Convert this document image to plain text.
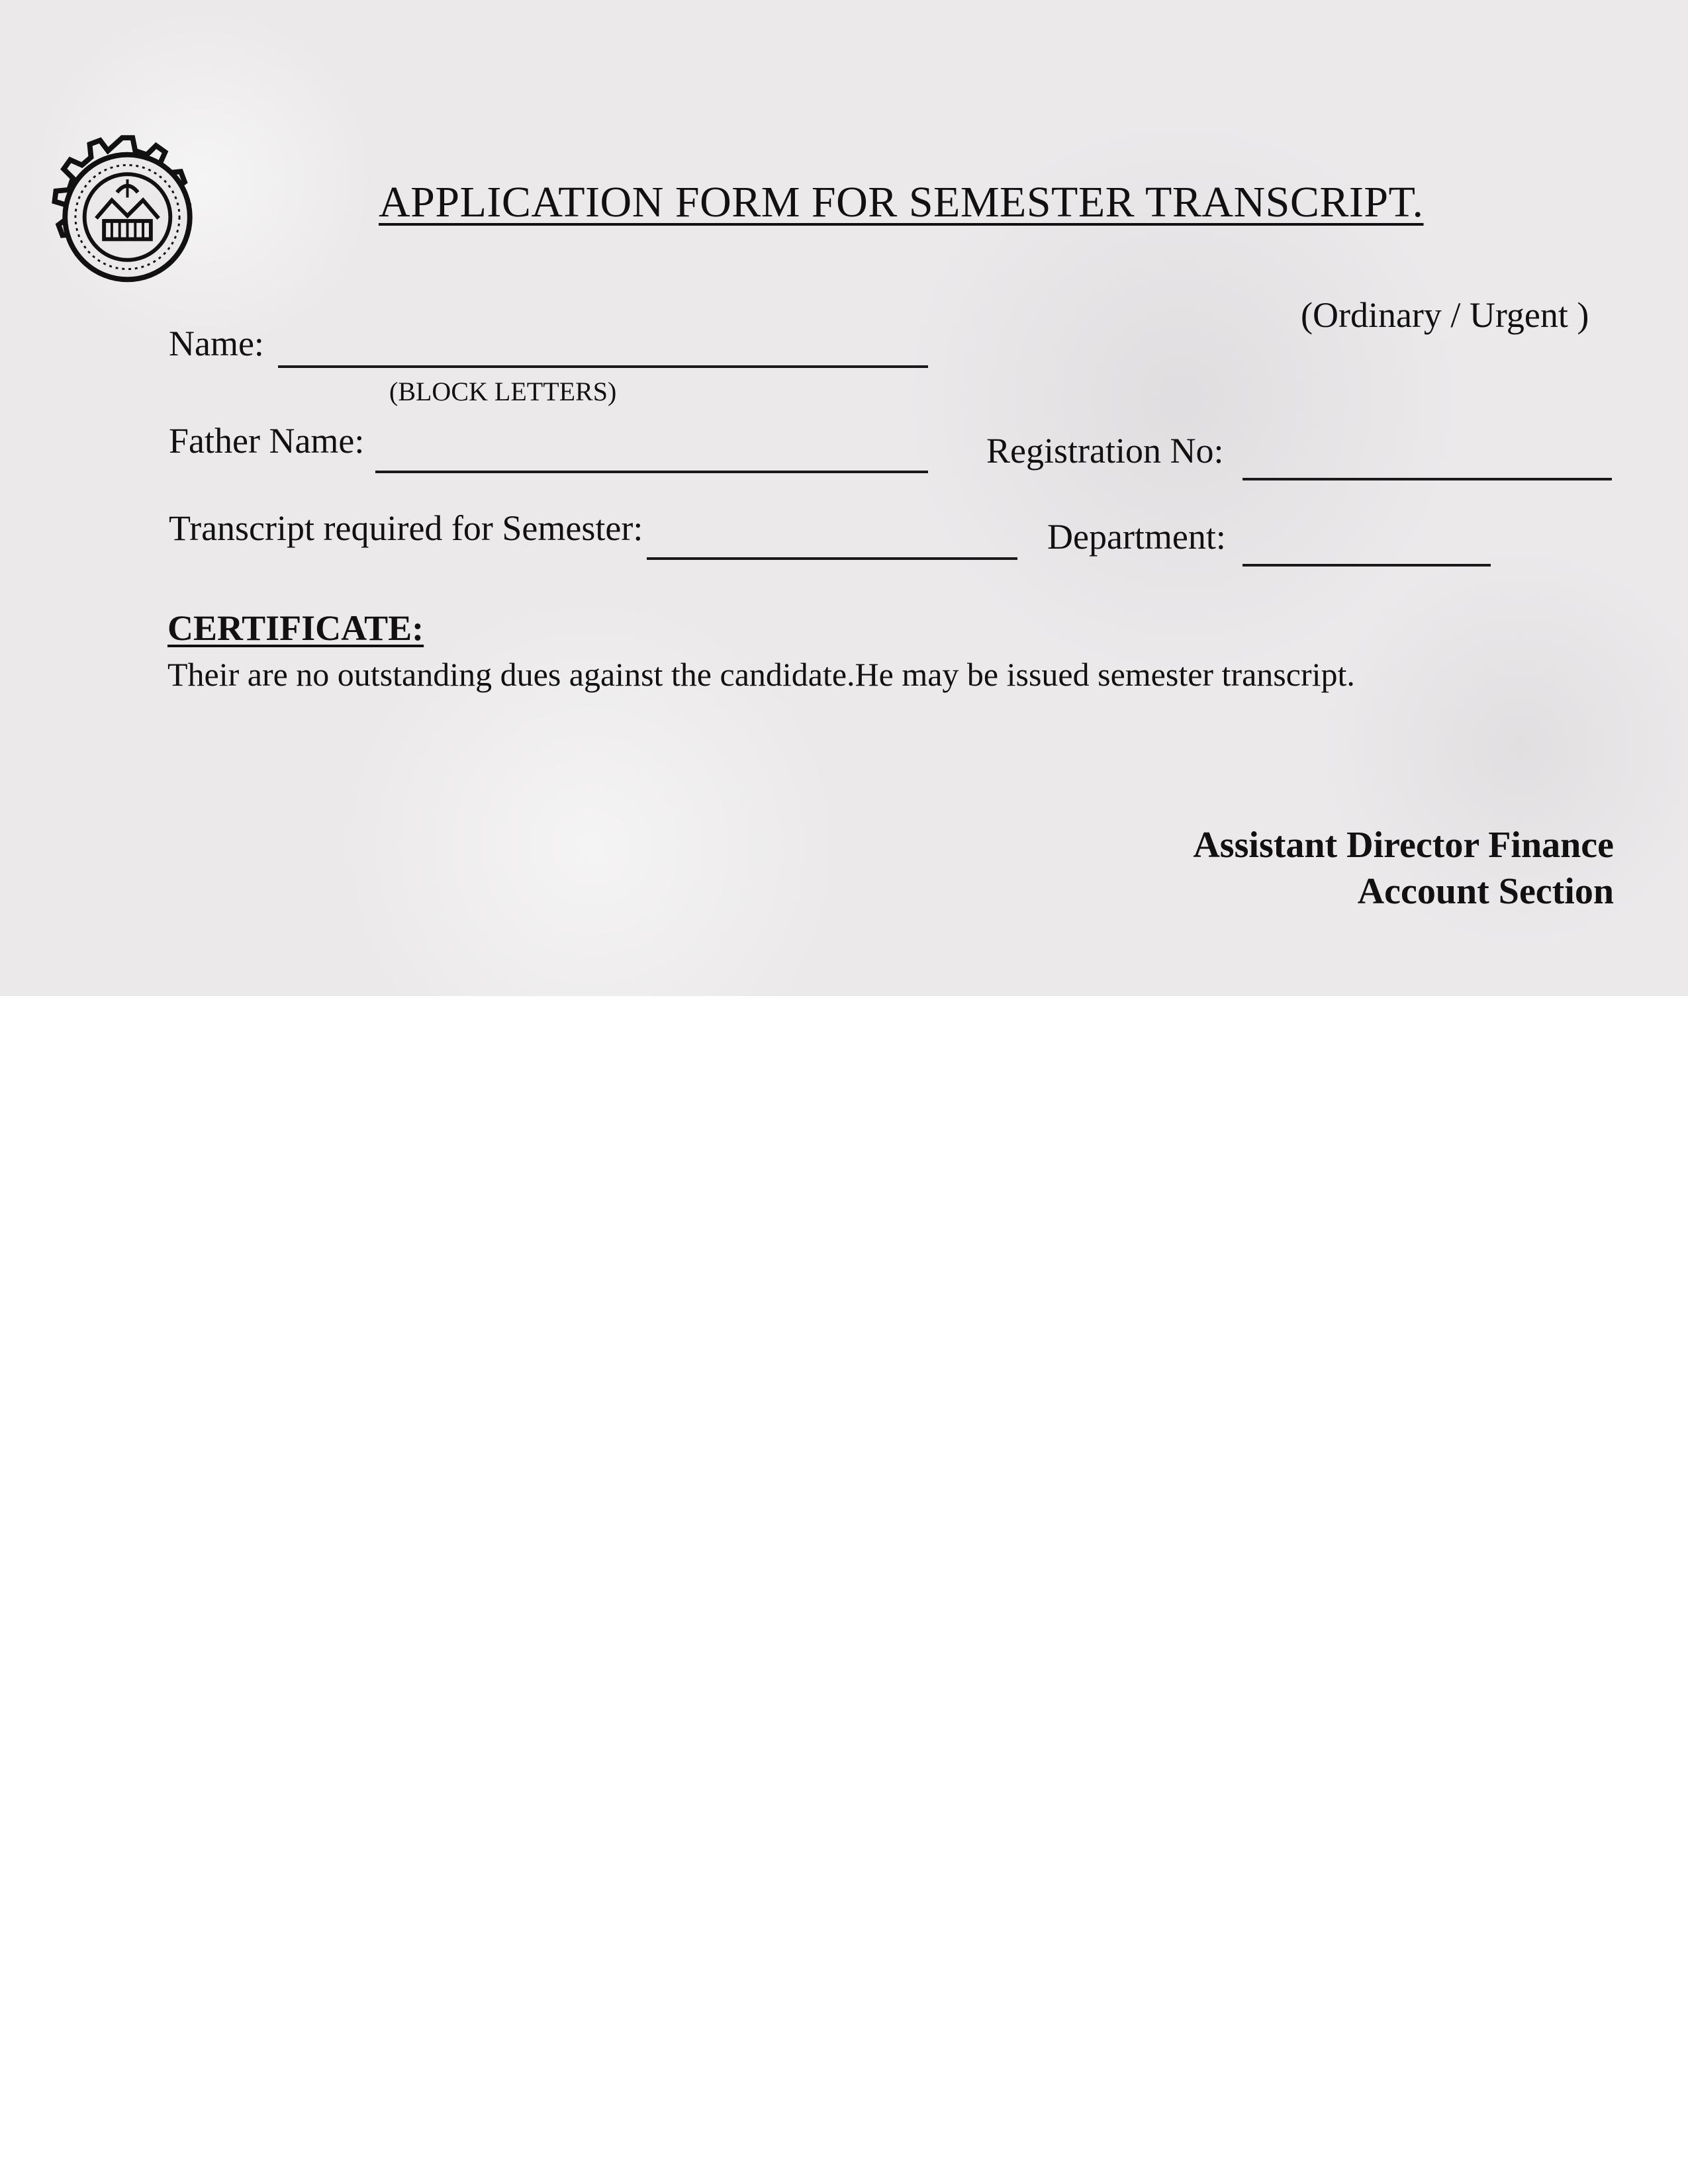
APPLICATION FORM FOR SEMESTER TRANSCRIPT.
(Ordinary / Urgent )
Name:
(BLOCK LETTERS)
Father Name:	Registration No:
Transcript required for Semester:	Department:
CERTIFICATE:
Their are no outstanding dues against the candidate.He may be issued semester transcript.
Assistant Director Finance
Account Section
